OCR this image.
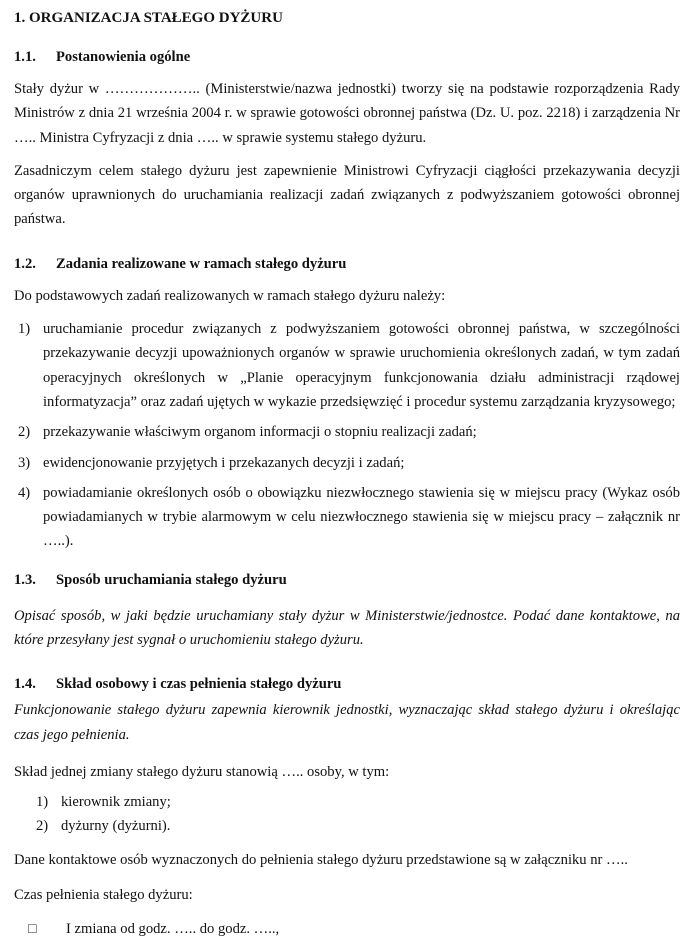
1. ORGANIZACJA STAŁEGO DYŻURU
1.1.	Postanowienia ogólne

Stały dyżur w ……………….. (Ministerstwie/nazwa jednostki) tworzy się na podstawie rozporządzenia Rady Ministrów z dnia 21 września 2004 r. w sprawie gotowości obronnej państwa (Dz. U. poz. 2218) i zarządzenia Nr ….. Ministra Cyfryzacji z dnia ….. w sprawie systemu stałego dyżuru.

Zasadniczym celem stałego dyżuru jest zapewnienie Ministrowi Cyfryzacji ciągłości przekazywania decyzji organów uprawnionych do uruchamiania realizacji zadań związanych z podwyższaniem gotowości obronnej państwa.

1.2.	Zadania realizowane w ramach stałego dyżuru

Do podstawowych zadań realizowanych w ramach stałego dyżuru należy:

1) uruchamianie procedur związanych z podwyższaniem gotowości obronnej państwa, w szczególności przekazywanie decyzji upoważnionych organów w sprawie uruchomienia określonych zadań, w tym zadań operacyjnych określonych w „Planie operacyjnym funkcjonowania działu administracji rządowej informatyzacja” oraz zadań ujętych w wykazie przedsięwzięć i procedur systemu zarządzania kryzysowego;
2) przekazywanie właściwym organom informacji o stopniu realizacji zadań;
3) ewidencjonowanie przyjętych i przekazanych decyzji i zadań;
4) powiadamianie określonych osób o obowiązku niezwłocznego stawienia się w miejscu pracy (Wykaz osób powiadamianych w trybie alarmowym w celu niezwłocznego stawienia się w miejscu pracy – załącznik nr …..).
1.3.	Sposób uruchamiania stałego dyżuru

Opisać sposób, w jaki będzie uruchamiany stały dyżur w Ministerstwie/jednostce. Podać dane kontaktowe, na które przesyłany jest sygnał o uruchomieniu stałego dyżuru.

1.4.	Skład osobowy i czas pełnienia stałego dyżuru

Funkcjonowanie stałego dyżuru zapewnia kierownik jednostki, wyznaczając skład stałego dyżuru i określając czas jego pełnienia.

Skład jednej zmiany stałego dyżuru stanowią ….. osoby, w tym:

1) kierownik zmiany;
2) dyżurny (dyżurni).

Dane kontaktowe osób wyznaczonych do pełnienia stałego dyżuru przedstawione są w załączniku nr …..

Czas pełnienia stałego dyżuru:

☐	I zmiana od godz. ….. do godz. …..,
